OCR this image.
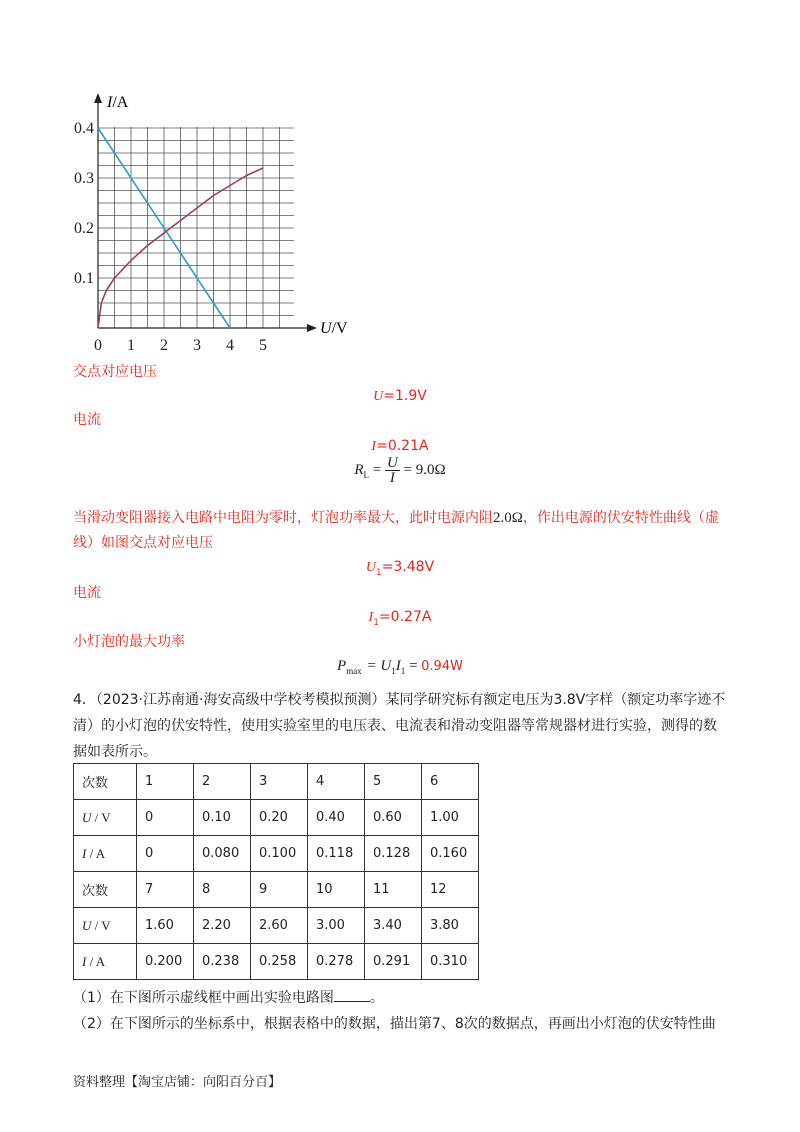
0 1 2 3 4 5
0.1
0.2
0.3
0.4
I/A
U/V
交点对应电压
U=1.9V
电流
I=0.21A
$R_L = \frac{U}{I} = 9.0\Omega$
当滑动变阻器接入电路中电阻为零时，灯泡功率最大，此时电源内阻2.0Ω，作出电源的伏安特性曲线（虚
线）如图交点对应电压
$U_1=3.48V$
电流
$I_1=0.27A$
小灯泡的最大功率
$P_{max} = U_1I_1 = 0.94W$
4．（2023·江苏南通·海安高级中学校考模拟预测）某同学研究标有额定电压为3.8V字样（额定功率字迹不
清）的小灯泡的伏安特性，使用实验室里的电压表、电流表和滑动变阻器等常规器材进行实验，测得的数
据如表所示。
次数	1	2	3	4	5	6
U / V	0	0.10	0.20	0.40	0.60	1.00
I / A	0	0.080	0.100	0.118	0.128	0.160
次数	7	8	9	10	11	12
U / V	1.60	2.20	2.60	3.00	3.40	3.80
I / A	0.200	0.238	0.258	0.278	0.291	0.310
（1）在下图所示虚线框中画出实验电路图	。
（2）在下图所示的坐标系中，根据表格中的数据，描出第7、8次的数据点，再画出小灯泡的伏安特性曲
资料整理【淘宝店铺：向阳百分百】
